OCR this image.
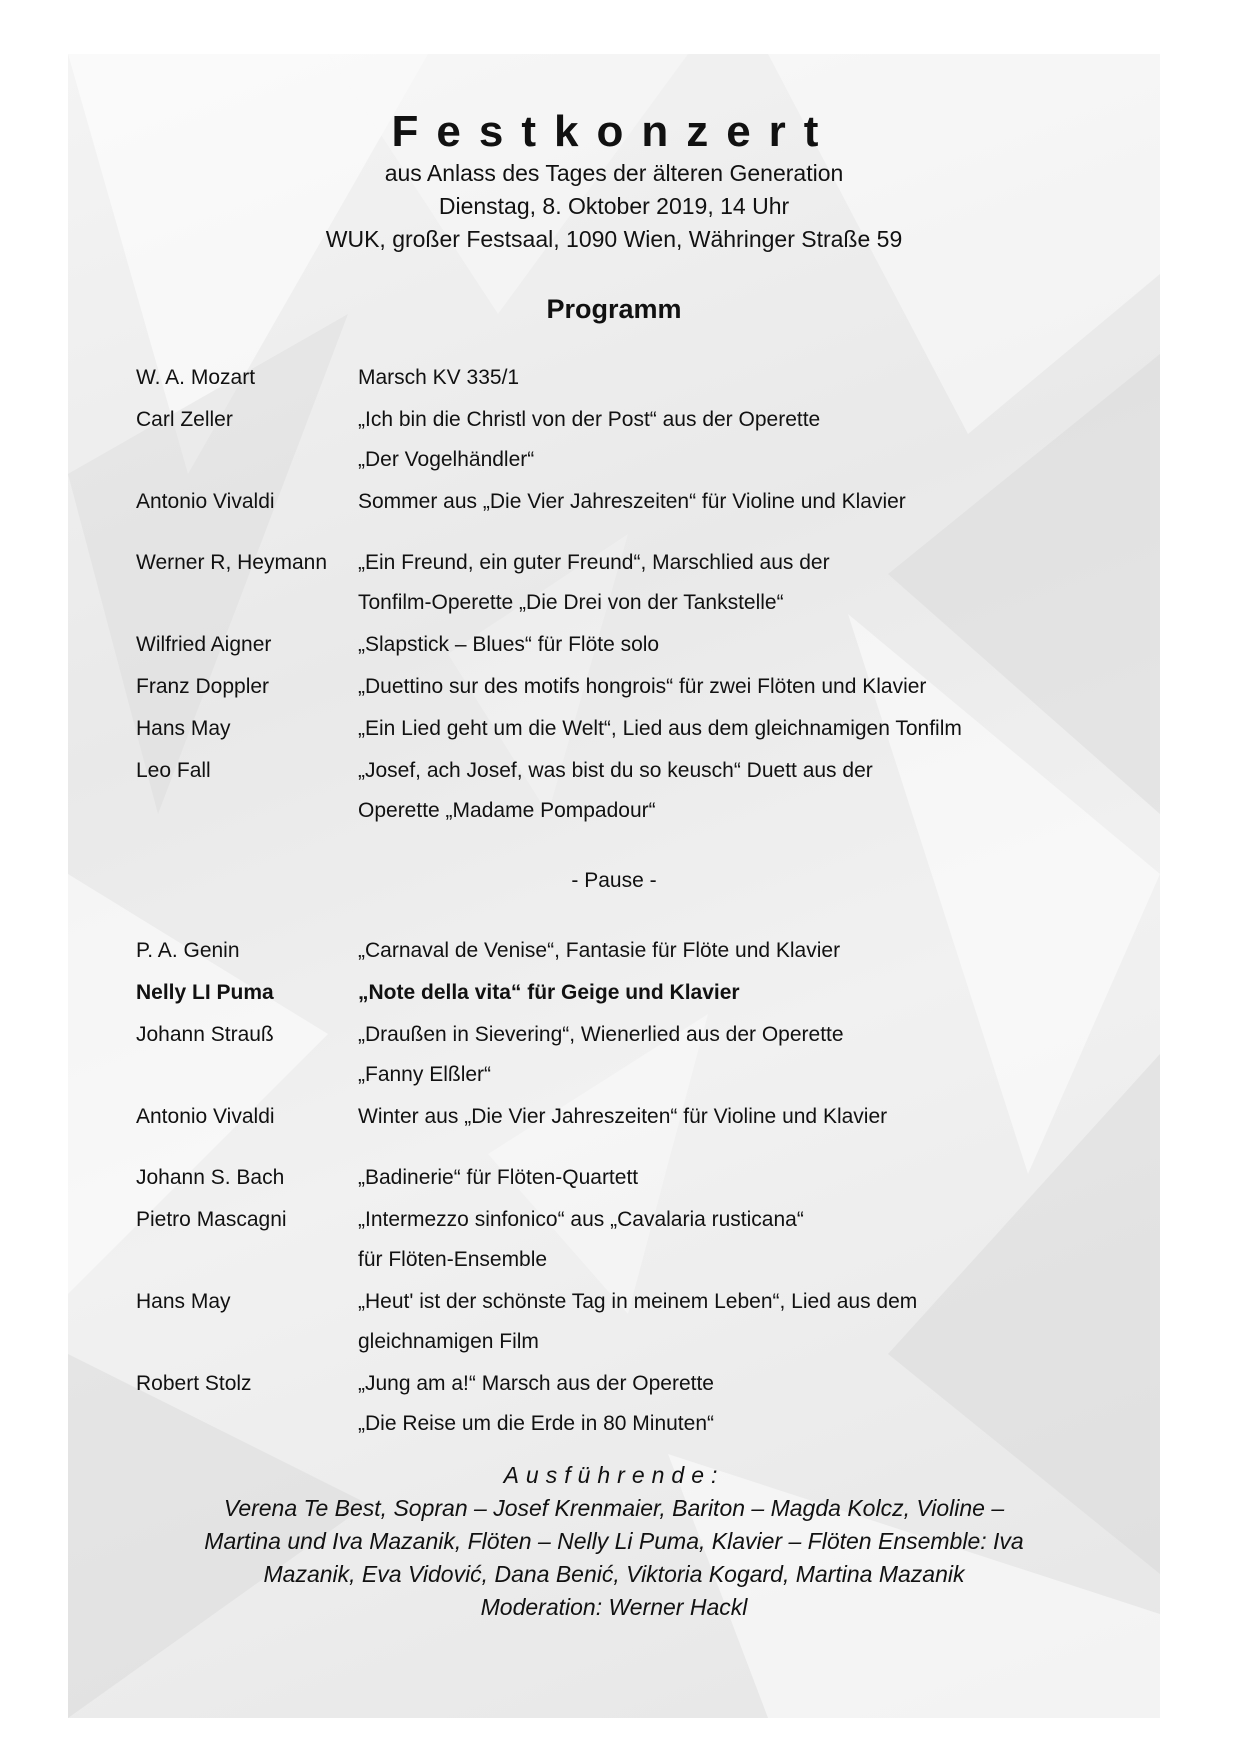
Festkonzert
aus Anlass des Tages der älteren Generation
Dienstag, 8. Oktober 2019, 14 Uhr
WUK, großer Festsaal, 1090 Wien, Währinger Straße 59
Programm
W. A. Mozart	Marsch KV 335/1
Carl Zeller	„Ich bin die Christl von der Post“ aus der Operette
„Der Vogelhändler“
Antonio Vivaldi	Sommer aus „Die Vier Jahreszeiten“ für Violine und Klavier
Werner R, Heymann	„Ein Freund, ein guter Freund“, Marschlied aus der
Tonfilm-Operette „Die Drei von der Tankstelle“
Wilfried Aigner	„Slapstick – Blues“ für Flöte solo
Franz Doppler	„Duettino sur des motifs hongrois“ für zwei Flöten und Klavier
Hans May	„Ein Lied geht um die Welt“, Lied aus dem gleichnamigen Tonfilm
Leo Fall	„Josef, ach Josef, was bist du so keusch“ Duett aus der
Operette „Madame Pompadour“
- Pause -
P. A. Genin	„Carnaval de Venise“, Fantasie für Flöte und Klavier
Nelly LI Puma	„Note della vita“ für Geige und Klavier
Johann Strauß	„Draußen in Sievering“, Wienerlied aus der Operette
„Fanny Elßler“
Antonio Vivaldi	Winter aus „Die Vier Jahreszeiten“ für Violine und Klavier
Johann S. Bach	„Badinerie“ für Flöten-Quartett
Pietro Mascagni	„Intermezzo sinfonico“ aus „Cavalaria rusticana“
für Flöten-Ensemble
Hans May	„Heut' ist der schönste Tag in meinem Leben“, Lied aus dem
gleichnamigen Film
Robert Stolz	„Jung am a!“ Marsch aus der Operette
„Die Reise um die Erde in 80 Minuten“
Ausführende:
Verena Te Best, Sopran – Josef Krenmaier, Bariton – Magda Kolcz, Violine –
Martina und Iva Mazanik, Flöten – Nelly Li Puma, Klavier – Flöten Ensemble: Iva
Mazanik, Eva Vidović, Dana Benić, Viktoria Kogard, Martina Mazanik
Moderation: Werner Hackl
